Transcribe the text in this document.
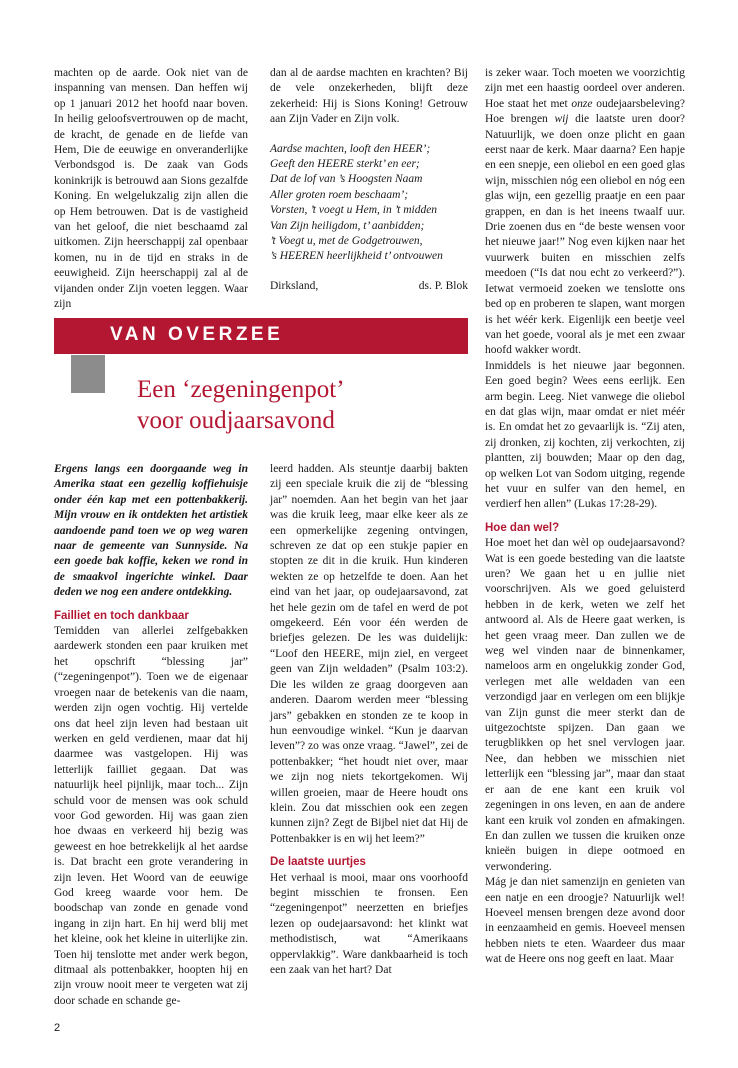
machten op de aarde. Ook niet van de inspanning van mensen. Dan heffen wij op 1 januari 2012 het hoofd naar boven. In heilig geloofsvertrouwen op de macht, de kracht, de genade en de liefde van Hem, Die de eeuwige en onveranderlijke Verbondsgod is. De zaak van Gods koninkrijk is betrouwd aan Sions gezalfde Koning. En welgelukzalig zijn allen die op Hem betrouwen. Dat is de vastigheid van het geloof, die niet beschaamd zal uitkomen. Zijn heerschappij zal openbaar komen, nu in de tijd en straks in de eeuwigheid. Zijn heerschappij zal al de vijanden onder Zijn voeten leggen. Waar zijn

dan al de aardse machten en krachten? Bij de vele onzekerheden, blijft deze zekerheid: Hij is Sions Koning! Getrouw aan Zijn Vader en Zijn volk.

Aardse machten, looft den HEER’;
Geeft den HEERE sterkt’ en eer;
Dat de lof van ’s Hoogsten Naam
Aller groten roem beschaam’;
Vorsten, ’t voegt u Hem, in ’t midden
Van Zijn heiligdom, t’ aanbidden;
’t Voegt u, met de Godgetrouwen,
’s HEEREN heerlijkheid t’ ontvouwen

Dirksland,	ds. P. Blok

is zeker waar. Toch moeten we voorzichtig zijn met een haastig oordeel over anderen. Hoe staat het met onze oudejaarsbeleving? Hoe brengen wij die laatste uren door? Natuurlijk, we doen onze plicht en gaan eerst naar de kerk. Maar daarna? Een hapje en een snepje, een oliebol en een goed glas wijn, misschien nóg een oliebol en nóg een glas wijn, een gezellig praatje en een paar grappen, en dan is het ineens twaalf uur. Drie zoenen dus en “de beste wensen voor het nieuwe jaar!” Nog even kijken naar het vuurwerk buiten en misschien zelfs meedoen (“Is dat nou echt zo verkeerd?”). Ietwat vermoeid zoeken we tenslotte ons bed op en proberen te slapen, want morgen is het wéér kerk. Eigenlijk een beetje veel van het goede, vooral als je met een zwaar hoofd wakker wordt.

Inmiddels is het nieuwe jaar begonnen. Een goed begin? Wees eens eerlijk. Een arm begin. Leeg. Niet vanwege die oliebol en dat glas wijn, maar omdat er niet méér is. En omdat het zo gevaarlijk is. “Zij aten, zij dronken, zij kochten, zij verkochten, zij plantten, zij bouwden; Maar op den dag, op welken Lot van Sodom uitging, regende het vuur en sulfer van den hemel, en verdierf hen allen” (Lukas 17:28-29).

Hoe dan wel?

Hoe moet het dan wèl op oudejaarsavond? Wat is een goede besteding van die laatste uren? We gaan het u en jullie niet voorschrijven. Als we goed geluisterd hebben in de kerk, weten we zelf het antwoord al. Als de Heere gaat werken, is het geen vraag meer. Dan zullen we de weg wel vinden naar de binnenkamer, nameloos arm en ongelukkig zonder God, verlegen met alle weldaden van een verzondigd jaar en verlegen om een blijkje van Zijn gunst die meer sterkt dan de uitgezochtste spijzen. Dan gaan we terugblikken op het snel vervlogen jaar. Nee, dan hebben we misschien niet letterlijk een “blessing jar”, maar dan staat er aan de ene kant een kruik vol zegeningen in ons leven, en aan de andere kant een kruik vol zonden en afmakingen. En dan zullen we tussen die kruiken onze knieën buigen in diepe ootmoed en verwondering.

Mág je dan niet samenzijn en genieten van een natje en een droogje? Natuurlijk wel! Hoeveel mensen brengen deze avond door in eenzaamheid en gemis. Hoeveel mensen hebben niets te eten. Waardeer dus maar wat de Heere ons nog geeft en laat. Maar

VAN OVERZEE
Een ‘zegeningenpot’
voor oudjaarsavond

Ergens langs een doorgaande weg in Amerika staat een gezellig koffiehuisje onder één kap met een pottenbakkerij. Mijn vrouw en ik ontdekten het artistiek aandoende pand toen we op weg waren naar de gemeente van Sunnyside. Na een goede bak koffie, keken we rond in de smaakvol ingerichte winkel. Daar deden we nog een andere ontdekking.

Failliet en toch dankbaar

Temidden van allerlei zelfgebakken aardewerk stonden een paar kruiken met het opschrift “blessing jar” (“zegeningenpot”). Toen we de eigenaar vroegen naar de betekenis van die naam, werden zijn ogen vochtig. Hij vertelde ons dat heel zijn leven had bestaan uit werken en geld verdienen, maar dat hij daarmee was vastgelopen. Hij was letterlijk failliet gegaan. Dat was natuurlijk heel pijnlijk, maar toch... Zijn schuld voor de mensen was ook schuld voor God geworden. Hij was gaan zien hoe dwaas en verkeerd hij bezig was geweest en hoe betrekkelijk al het aardse is. Dat bracht een grote verandering in zijn leven. Het Woord van de eeuwige God kreeg waarde voor hem. De boodschap van zonde en genade vond ingang in zijn hart. En hij werd blij met het kleine, ook het kleine in uiterlijke zin. Toen hij tenslotte met ander werk begon, ditmaal als pottenbakker, hoopten hij en zijn vrouw nooit meer te vergeten wat zij door schade en schande ge-

leerd hadden. Als steuntje daarbij bakten zij een speciale kruik die zij de “blessing jar” noemden. Aan het begin van het jaar was die kruik leeg, maar elke keer als ze een opmerkelijke zegening ontvingen, schreven ze dat op een stukje papier en stopten ze dit in die kruik. Hun kinderen wekten ze op hetzelfde te doen. Aan het eind van het jaar, op oudejaarsavond, zat het hele gezin om de tafel en werd de pot omgekeerd. Eén voor één werden de briefjes gelezen. De les was duidelijk: “Loof den HEERE, mijn ziel, en vergeet geen van Zijn weldaden” (Psalm 103:2). Die les wilden ze graag doorgeven aan anderen. Daarom werden meer “blessing jars” gebakken en stonden ze te koop in hun eenvoudige winkel. “Kun je daarvan leven”? zo was onze vraag. “Jawel”, zei de pottenbakker; “het houdt niet over, maar we zijn nog niets tekortgekomen. Wij willen groeien, maar de Heere houdt ons klein. Zou dat misschien ook een zegen kunnen zijn? Zegt de Bijbel niet dat Hij de Pottenbakker is en wij het leem?”

De laatste uurtjes

Het verhaal is mooi, maar ons voorhoofd begint misschien te fronsen. Een “zegeningenpot” neerzetten en briefjes lezen op oudejaarsavond: het klinkt wat methodistisch, wat “Amerikaans oppervlakkig”. Ware dankbaarheid is toch een zaak van het hart? Dat

2
